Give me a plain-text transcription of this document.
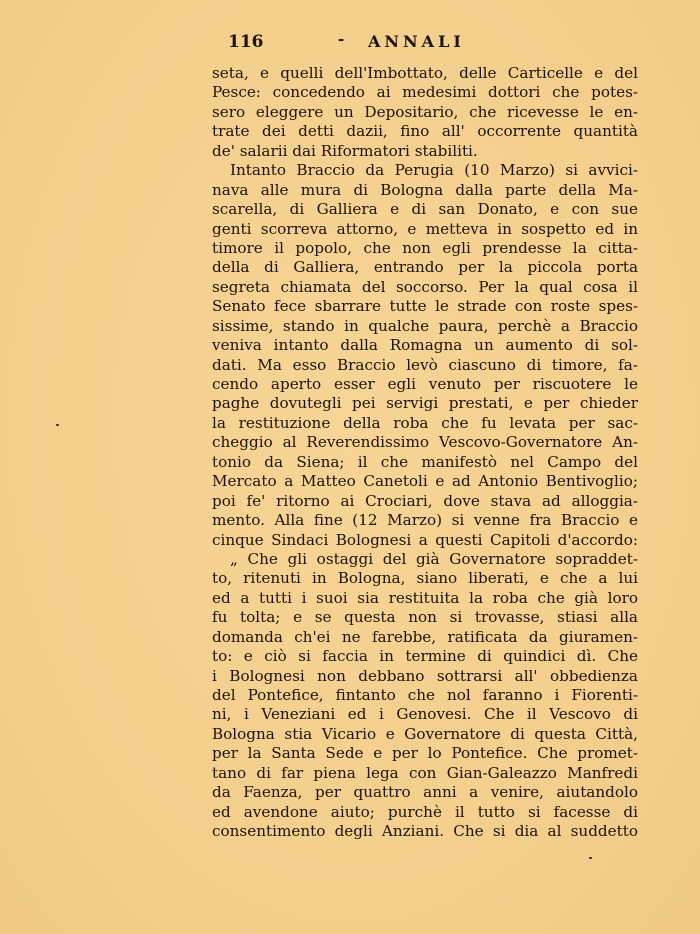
116	- ANNALI
seta, e quelli dell'Imbottato, delle Carticelle e del
Pesce: concedendo ai medesimi dottori che potes-
sero eleggere un Depositario, che ricevesse le en-
trate dei detti dazii, fino all' occorrente quantità
de' salarii dai Riformatori stabiliti.
Intanto Braccio da Perugia (10 Marzo) si avvici-
nava alle mura di Bologna dalla parte della Ma-
scarella, di Galliera e di san Donato, e con sue
genti scorreva attorno, e metteva in sospetto ed in
timore il popolo, che non egli prendesse la citta-
della di Galliera, entrando per la piccola porta
segreta chiamata del soccorso. Per la qual cosa il
Senato fece sbarrare tutte le strade con roste spes-
sissime, stando in qualche paura, perchè a Braccio
veniva intanto dalla Romagna un aumento di sol-
dati. Ma esso Braccio levò ciascuno di timore, fa-
cendo aperto esser egli venuto per riscuotere le
paghe dovutegli pei servigi prestati, e per chieder
la restituzione della roba che fu levata per sac-
cheggio al Reverendissimo Vescovo-Governatore An-
tonio da Siena; il che manifestò nel Campo del
Mercato a Matteo Canetoli e ad Antonio Bentivoglio;
poi fe' ritorno ai Crociari, dove stava ad alloggia-
mento. Alla fine (12 Marzo) si venne fra Braccio e
cinque Sindaci Bolognesi a questi Capitoli d'accordo:
„ Che gli ostaggi del già Governatore sopraddet-
to, ritenuti in Bologna, siano liberati, e che a lui
ed a tutti i suoi sia restituita la roba che già loro
fu tolta; e se questa non si trovasse, stiasi alla
domanda ch'ei ne farebbe, ratificata da giuramen-
to: e ciò si faccia in termine di quindici dì. Che
i Bolognesi non debbano sottrarsi all' obbedienza
del Pontefice, fintanto che nol faranno i Fiorenti-
ni, i Veneziani ed i Genovesi. Che il Vescovo di
Bologna stia Vicario e Governatore di questa Città,
per la Santa Sede e per lo Pontefice. Che promet-
tano di far piena lega con Gian-Galeazzo Manfredi
da Faenza, per quattro anni a venire, aiutandolo
ed avendone aiuto; purchè il tutto si facesse di
consentimento degli Anziani. Che si dia al suddetto
